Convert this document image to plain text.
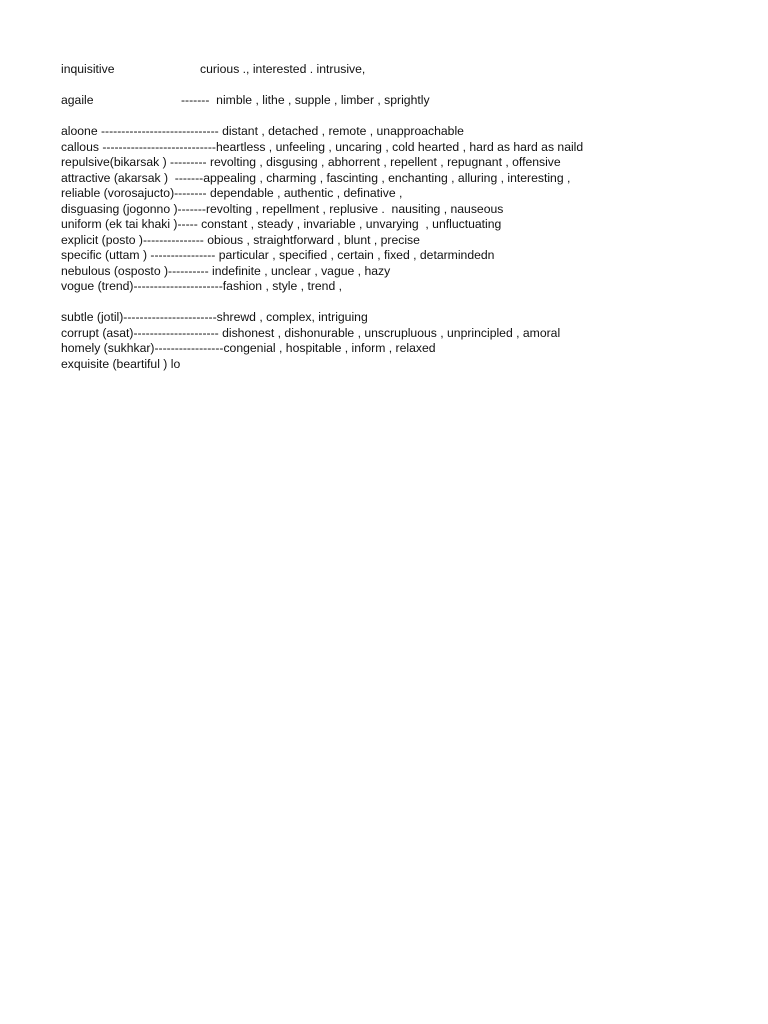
inquisitive	curious ., interested . intrusive,
agaile	-------  nimble , lithe , supple , limber , sprightly
aloone ----------------------------- distant , detached , remote , unapproachable
callous ----------------------------heartless , unfeeling , uncaring , cold hearted , hard as hard as naild
repulsive(bikarsak ) --------- revolting , disgusing , abhorrent , repellent , repugnant , offensive
attractive (akarsak )  -------appealing , charming , fascinting , enchanting , alluring , interesting ,
reliable (vorosajucto)-------- dependable , authentic , definative ,
disguasing (jogonno )-------revolting , repellment , replusive .  nausiting , nauseous
uniform (ek tai khaki )----- constant , steady , invariable , unvarying  , unfluctuating
explicit (posto )--------------- obious , straightforward , blunt , precise
specific (uttam ) ---------------- particular , specified , certain , fixed , detarmindedn
nebulous (osposto )---------- indefinite , unclear , vague , hazy
vogue (trend)----------------------fashion , style , trend ,
subtle (jotil)-----------------------shrewd , complex, intriguing
corrupt (asat)--------------------- dishonest , dishonurable , unscrupluous , unprincipled , amoral
homely (sukhkar)-----------------congenial , hospitable , inform , relaxed
exquisite (beartiful ) lo
